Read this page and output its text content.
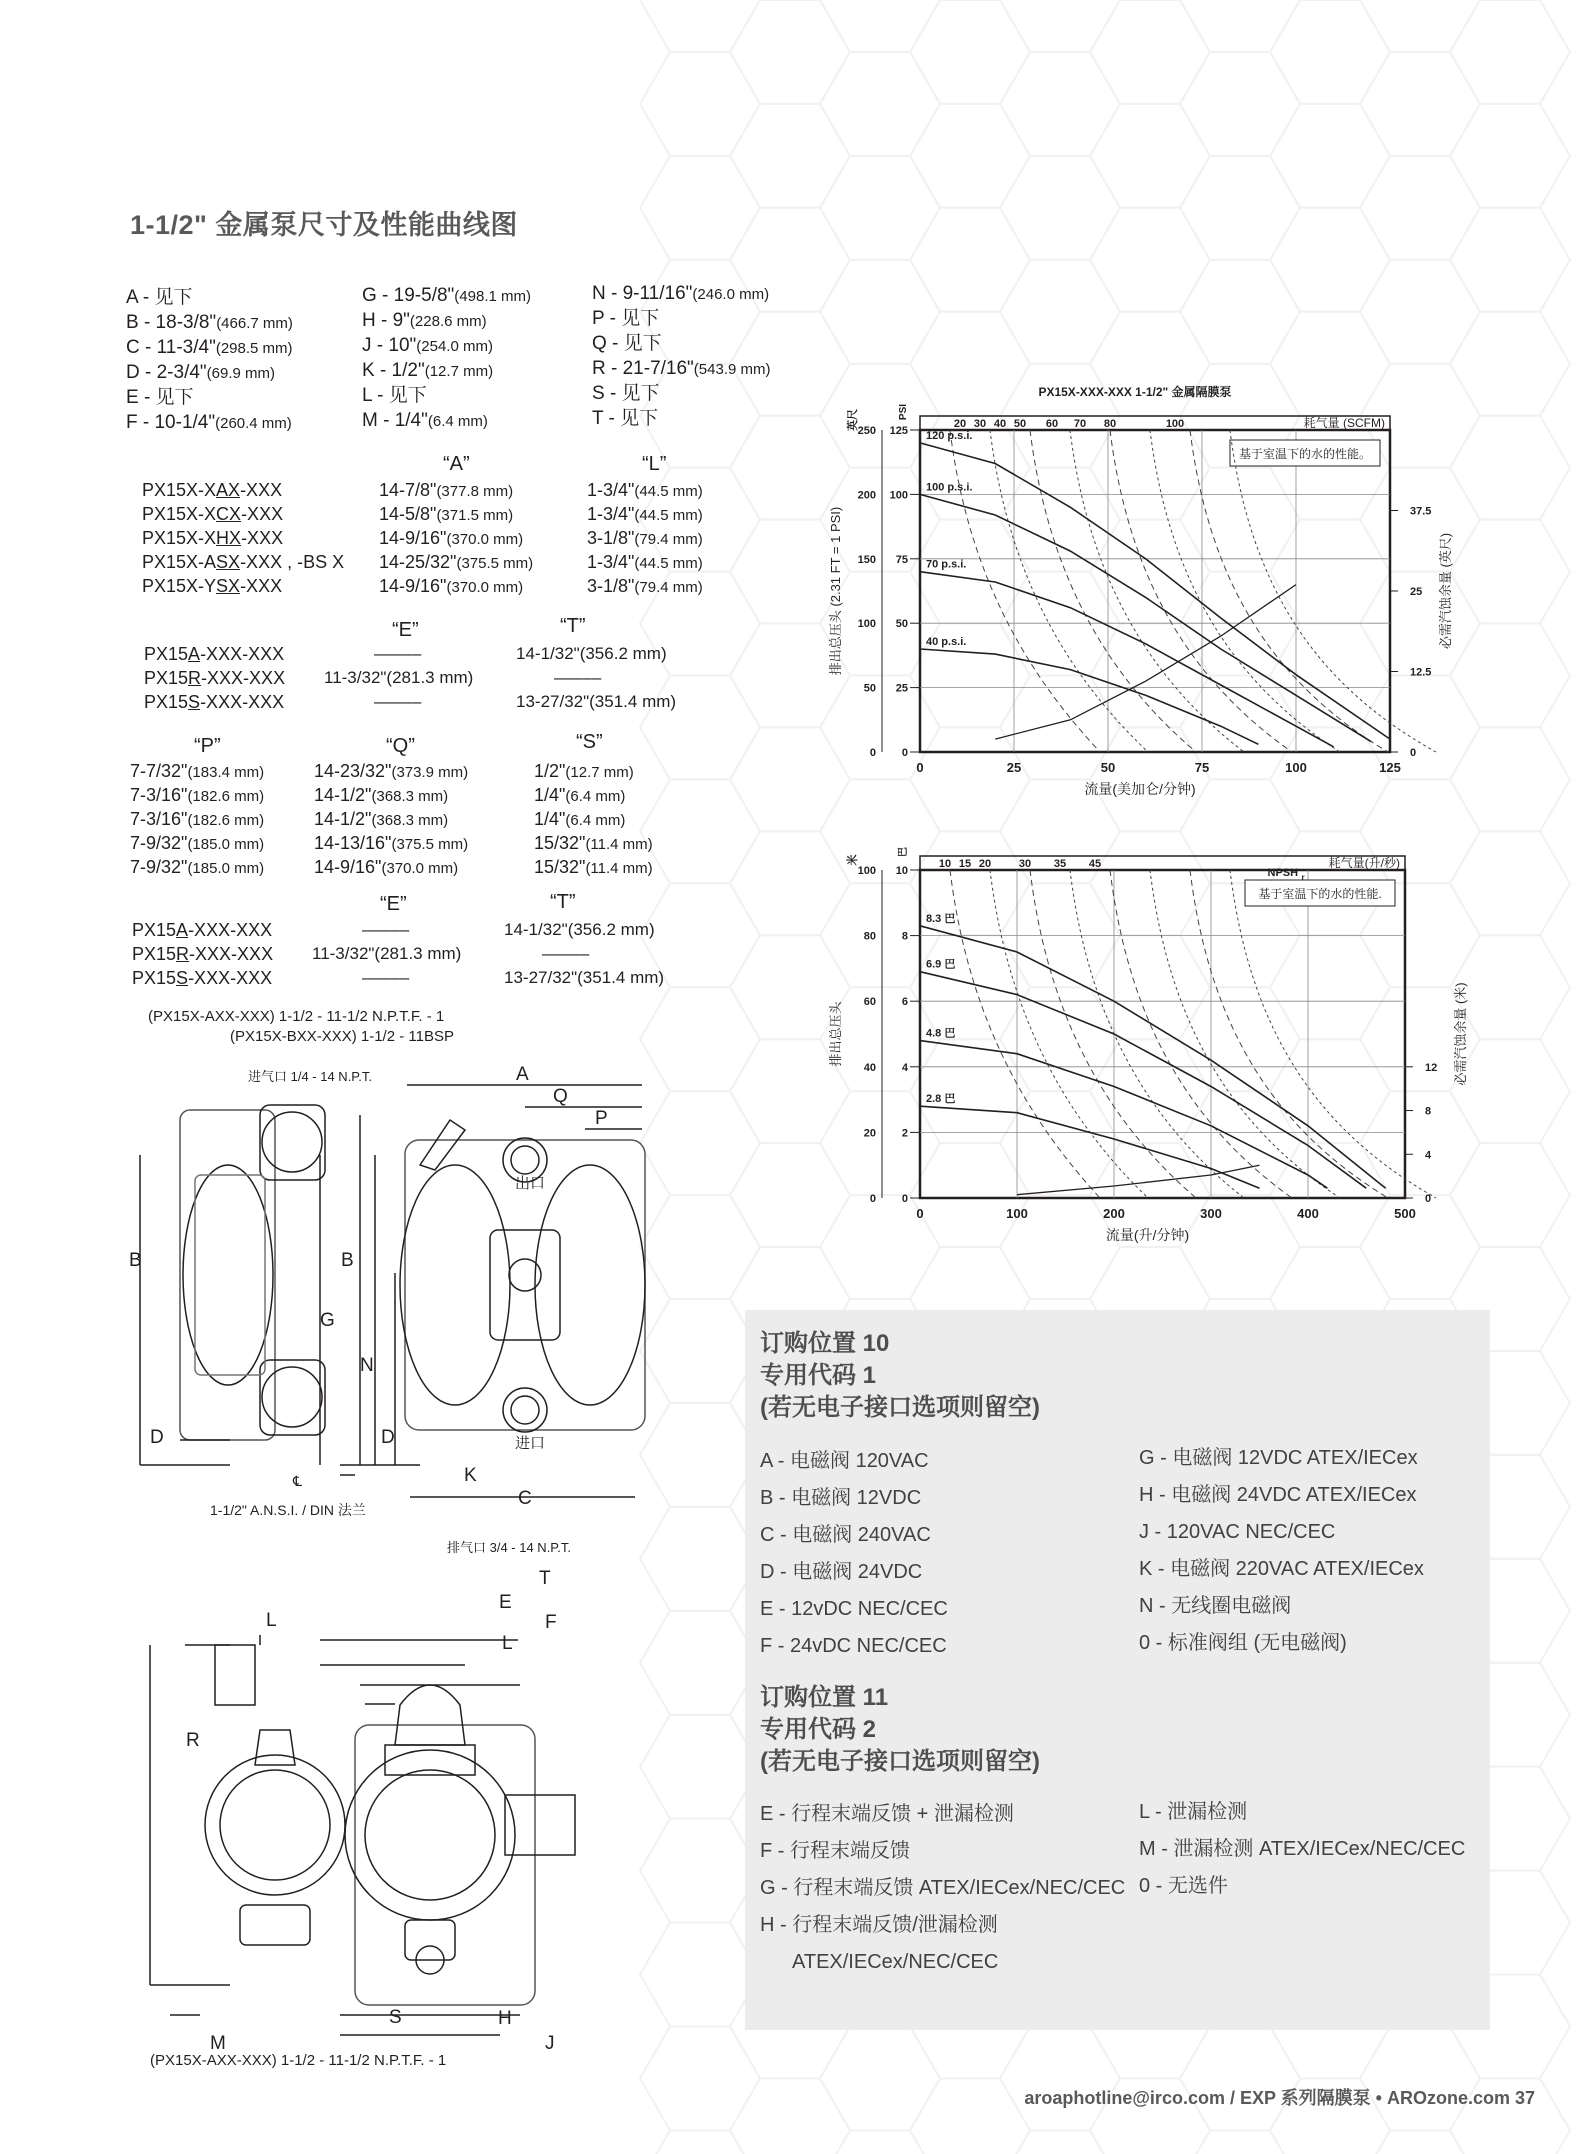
1-1/2" 金属泵尺寸及性能曲线图
A - 见下
B - 18-3/8"(466.7 mm)
C - 11-3/4"(298.5 mm)
D - 2-3/4"(69.9 mm)
E - 见下
F - 10-1/4"(260.4 mm)
G - 19-5/8"(498.1 mm)
H - 9"(228.6 mm)
J - 10"(254.0 mm)
K - 1/2"(12.7 mm)
L - 见下
M - 1/4"(6.4 mm)
N - 9-11/16"(246.0 mm)
P - 见下
Q - 见下
R - 21-7/16"(543.9 mm)
S - 见下
T - 见下
“A”	“L”
PX15X-XAX-XXX	14-7/8"(377.8 mm)	1-3/4"(44.5 mm)
PX15X-XCX-XXX	14-5/8"(371.5 mm)	1-3/4"(44.5 mm)
PX15X-XHX-XXX	14-9/16"(370.0 mm)	3-1/8"(79.4 mm)
PX15X-ASX-XXX , -BS X 14-25/32"(375.5 mm)	1-3/4"(44.5 mm)
PX15X-YSX-XXX	14-9/16"(370.0 mm)	3-1/8"(79.4 mm)
“E”	“T”
PX15A-XXX-XXX	–––––	14-1/32"(356.2 mm)
PX15R-XXX-XXX 11-3/32"(281.3 mm)	–––––
PX15S-XXX-XXX	–––––	13-27/32"(351.4 mm)
“P”	“Q”	“S”
7-7/32"(183.4 mm)	14-23/32"(373.9 mm)	1/2"(12.7 mm)
7-3/16"(182.6 mm)	14-1/2"(368.3 mm)	1/4"(6.4 mm)
7-3/16"(182.6 mm)	14-1/2"(368.3 mm)	1/4"(6.4 mm)
7-9/32"(185.0 mm)	14-13/16"(375.5 mm)	15/32"(11.4 mm)
7-9/32"(185.0 mm)	14-9/16"(370.0 mm)	15/32"(11.4 mm)
“E”	“T”
PX15A-XXX-XXX	–––––	14-1/32"(356.2 mm)
PX15R-XXX-XXX 11-3/32"(281.3 mm)	–––––
PX15S-XXX-XXX	–––––	13-27/32"(351.4 mm)
PX15X-XXX-XXX 1-1/2" 金属隔膜泵
耗气量 (SCFM)
20 30 40 50 60 70 80	100
0	25	50	75	100	125
流量(美加仑/分钟)
0
25
50
75
100
125
0
50
100
150
200
250
英尺	PSI
排出总压头 (2.31 FT = 1 PSI)
0
12.5
25
37.5
必需汽蚀余量 (英尺)
基于室温下的水的性能。
120 p.s.i.
100 p.s.i.
70 p.s.i.
40 p.s.i.
耗气量(升/秒)
10 15 20	30 35 45
0	100	200	300	400	500
流量(升/分钟)
0
2
4
6
8
10
0
20
40
60
80
100
米
巴
排出总压头
0
4
8
12 必需汽蚀余量 (米)
基于室温下的水的性能.
8.3 巴
6.9 巴
4.8 巴
2.8 巴
NPSH r
(PX15X-AXX-XXX) 1-1/2 - 11-1/2 N.P.T.F. - 1
(PX15X-AXX-XXX) 1-1/2 - 11-1/2 N.P.T.F. - 1
(PX15X-BXX-XXX) 1-1/2 - 11BSP
进气口 1/4 - 14 N.P.T.
出口
进口
1-1/2" A.N.S.I. / DIN 法兰
℄
排气口 3/4 - 14 N.P.T.
A
Q
P
B	B
G
N
D	D
K
C
T
E
F
L
L
R
S
M
H
J
订购位置 10
专用代码 1
(若无电子接口选项则留空)
A - 电磁阀 120VAC
B - 电磁阀 12VDC
C - 电磁阀 240VAC
D - 电磁阀 24VDC
E - 12vDC NEC/CEC
F - 24vDC NEC/CEC
G - 电磁阀 12VDC ATEX/IECex
H - 电磁阀 24VDC ATEX/IECex
J - 120VAC NEC/CEC
K - 电磁阀 220VAC ATEX/IECex
N - 无线圈电磁阀
0 - 标准阀组 (无电磁阀)
订购位置 11
专用代码 2
(若无电子接口选项则留空)
E - 行程末端反馈 + 泄漏检测
F - 行程末端反馈
G - 行程末端反馈 ATEX/IECex/NEC/CEC
H - 行程末端反馈/泄漏检测
ATEX/IECex/NEC/CEC
L - 泄漏检测
M - 泄漏检测 ATEX/IECex/NEC/CEC
0 - 无选件
aroaphotline@irco.com / EXP 系列隔膜泵 • AROzone.com 37
